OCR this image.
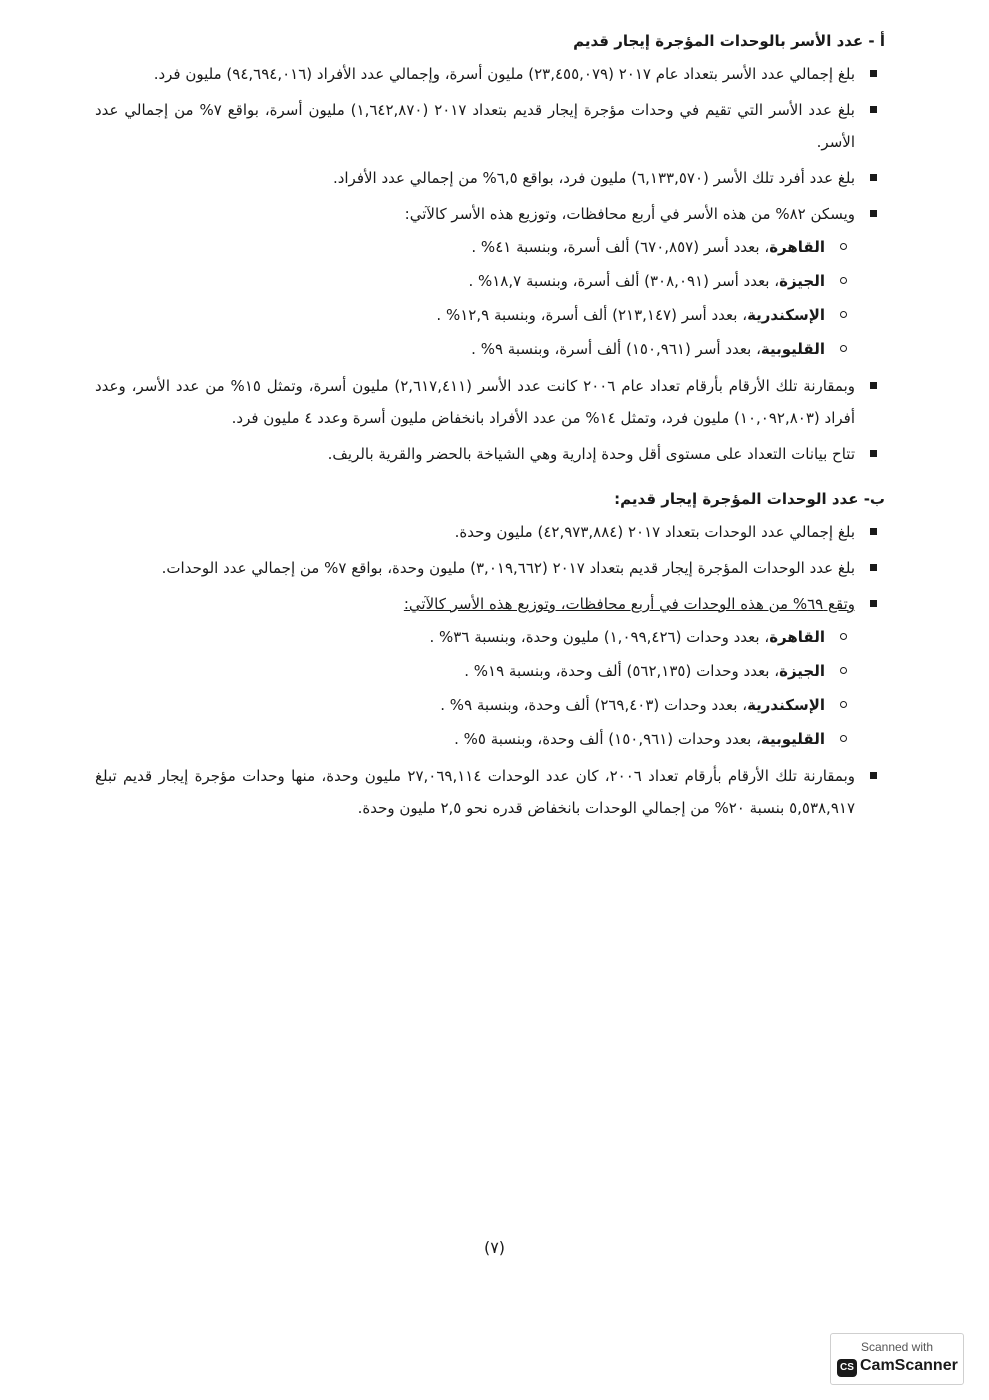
أ - عدد الأسر بالوحدات المؤجرة إيجار قديم
بلغ إجمالي عدد الأسر بتعداد عام ٢٠١٧ (٢٣,٤٥٥,٠٧٩) مليون أسرة، وإجمالي عدد الأفراد (٩٤,٦٩٤,٠١٦) مليون فرد.
بلغ عدد الأسر التي تقيم في وحدات مؤجرة إيجار قديم بتعداد ٢٠١٧ (١,٦٤٢,٨٧٠) مليون أسرة، بواقع ٧% من إجمالي عدد الأسر.
بلغ عدد أفرد تلك الأسر (٦,١٣٣,٥٧٠) مليون فرد، بواقع ٦,٥% من إجمالي عدد الأفراد.
ويسكن ٨٢% من هذه الأسر في أربع محافظات، وتوزيع هذه الأسر كالآتي:
القاهرة، بعدد أسر (٦٧٠,٨٥٧) ألف أسرة، وبنسبة ٤١% .
الجيزة، بعدد أسر (٣٠٨,٠٩١) ألف أسرة، وبنسبة ١٨,٧% .
الإسكندرية، بعدد أسر (٢١٣,١٤٧) ألف أسرة، وبنسبة ١٢,٩% .
القليوبية، بعدد أسر (١٥٠,٩٦١) ألف أسرة، وبنسبة ٩% .
وبمقارنة تلك الأرقام بأرقام تعداد عام ٢٠٠٦ كانت عدد الأسر (٢,٦١٧,٤١١) مليون أسرة، وتمثل ١٥% من عدد الأسر، وعدد أفراد (١٠,٠٩٢,٨٠٣) مليون فرد، وتمثل ١٤% من عدد الأفراد بانخفاض مليون أسرة وعدد ٤ مليون فرد.
تتاح بيانات التعداد على مستوى أقل وحدة إدارية وهي الشياخة بالحضر والقرية بالريف.
ب- عدد الوحدات المؤجرة إيجار قديم:
بلغ إجمالي عدد الوحدات بتعداد ٢٠١٧ (٤٢,٩٧٣,٨٨٤) مليون وحدة.
بلغ عدد الوحدات المؤجرة إيجار قديم بتعداد ٢٠١٧ (٣,٠١٩,٦٦٢) مليون وحدة، بواقع ٧% من إجمالي عدد الوحدات.
وتقع ٦٩% من هذه الوحدات في أربع محافظات، وتوزيع هذه الأسر كالآتي:
القاهرة، بعدد وحدات (١,٠٩٩,٤٢٦) مليون وحدة، وبنسبة ٣٦% .
الجيزة، بعدد وحدات (٥٦٢,١٣٥) ألف وحدة، وبنسبة ١٩% .
الإسكندرية، بعدد وحدات (٢٦٩,٤٠٣) ألف وحدة، وبنسبة ٩% .
القليوبية، بعدد وحدات (١٥٠,٩٦١) ألف وحدة، وبنسبة ٥% .
وبمقارنة تلك الأرقام بأرقام تعداد ٢٠٠٦، كان عدد الوحدات ٢٧,٠٦٩,١١٤ مليون وحدة، منها وحدات مؤجرة إيجار قديم تبلغ ٥,٥٣٨,٩١٧ بنسبة ٢٠% من إجمالي الوحدات بانخفاض قدره نحو ٢,٥ مليون وحدة.
(٧)
Scanned with
CS CamScanner
